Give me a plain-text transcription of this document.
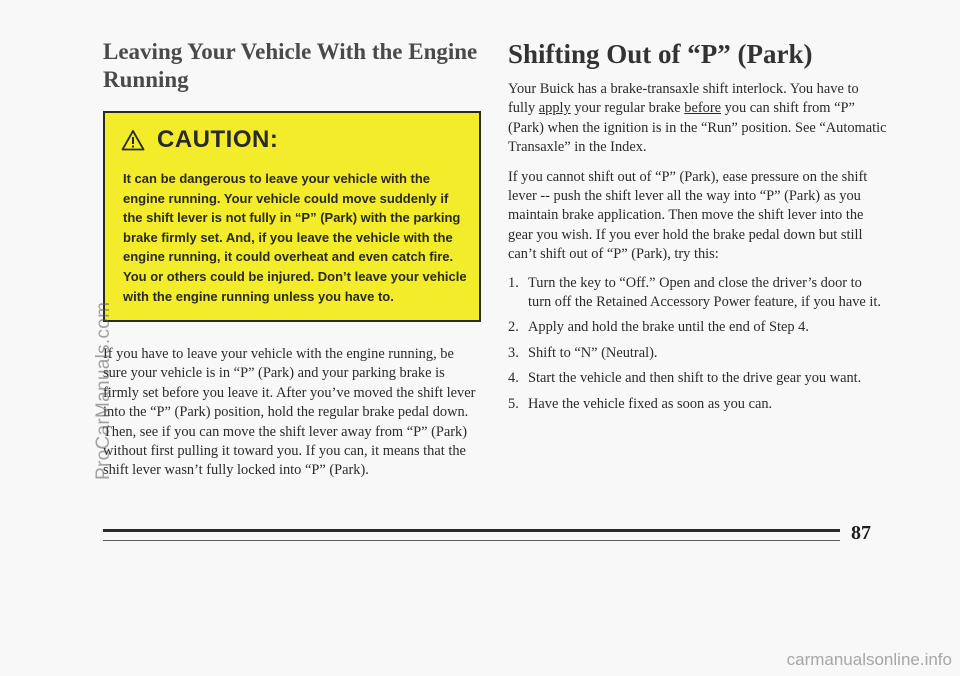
Leaving Your Vehicle With the Engine Running
CAUTION:
It can be dangerous to leave your vehicle with the engine running. Your vehicle could move suddenly if the shift lever is not fully in “P” (Park) with the parking brake firmly set. And, if you leave the vehicle with the engine running, it could overheat and even catch fire. You or others could be injured. Don’t leave your vehicle with the engine running unless you have to.

If you have to leave your vehicle with the engine running, be sure your vehicle is in “P” (Park) and your parking brake is firmly set before you leave it. After you’ve moved the shift lever into the “P” (Park) position, hold the regular brake pedal down. Then, see if you can move the shift lever away from “P” (Park) without first pulling it toward you. If you can, it means that the shift lever wasn’t fully locked into “P” (Park).

Shifting Out of “P” (Park)

Your Buick has a brake-transaxle shift interlock. You have to fully apply your regular brake before you can shift from “P” (Park) when the ignition is in the “Run” position. See “Automatic Transaxle” in the Index.

If you cannot shift out of “P” (Park), ease pressure on the shift lever -- push the shift lever all the way into “P” (Park) as you maintain brake application. Then move the shift lever into the gear you wish. If you ever hold the brake pedal down but still can’t shift out of “P” (Park), try this:

1. Turn the key to “Off.” Open and close the driver’s door to turn off the Retained Accessory Power feature, if you have it.
2. Apply and hold the brake until the end of Step 4.
3. Shift to “N” (Neutral).
4. Start the vehicle and then shift to the drive gear you want.
5. Have the vehicle fixed as soon as you can.
87
ProCarManuals.com
carmanualsonline.info
